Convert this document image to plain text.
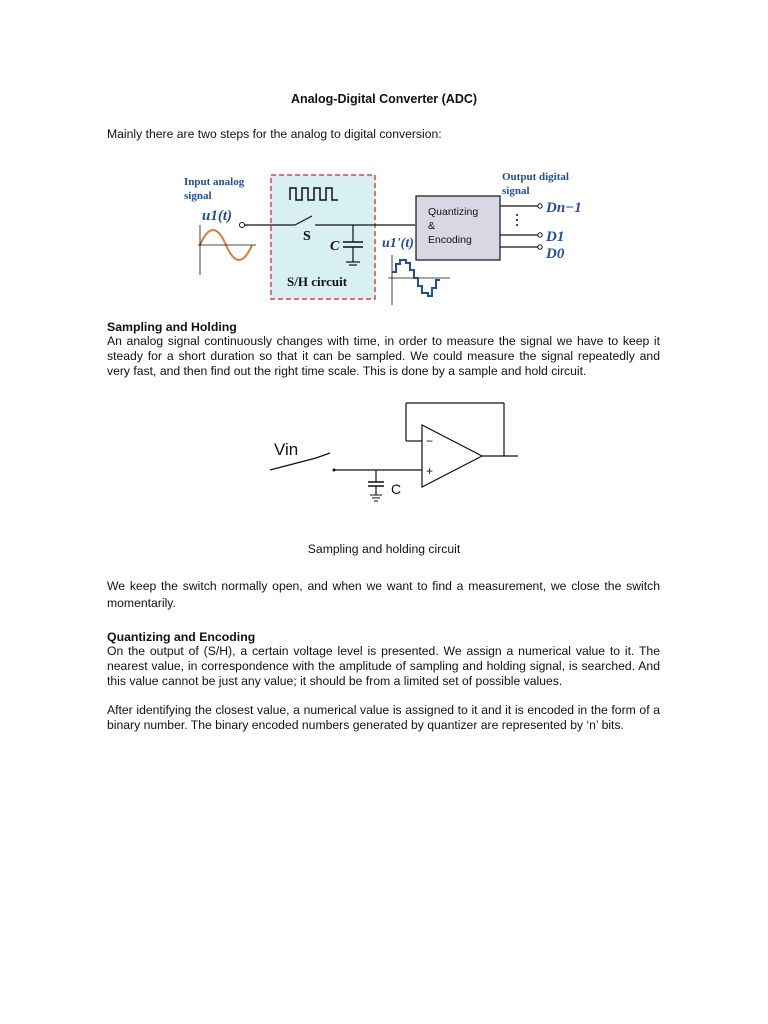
Analog-Digital Converter (ADC)
Mainly there are two steps for the analog to digital conversion:
Input analog
signal
u1(t)
S
C
S/H circuit
u1'(t)
Quantizing
&
Encoding
Output digital
signal
Dn−1
D1
D0
Sampling and Holding
An analog signal continuously changes with time, in order to measure the signal we have to keep it steady for a short duration so that it can be sampled. We could measure the signal repeatedly and very fast, and then find out the right time scale. This is done by a sample and hold circuit.
Vin
C
−
+
Sampling and holding circuit
We keep the switch normally open, and when we want to find a measurement, we close the switch momentarily.
Quantizing and Encoding
On the output of (S/H), a certain voltage level is presented. We assign a numerical value to it. The nearest value, in correspondence with the amplitude of sampling and holding signal, is searched. And this value cannot be just any value; it should be from a limited set of possible values.
After identifying the closest value, a numerical value is assigned to it and it is encoded in the form of a binary number. The binary encoded numbers generated by quantizer are represented by ‘n’ bits.
